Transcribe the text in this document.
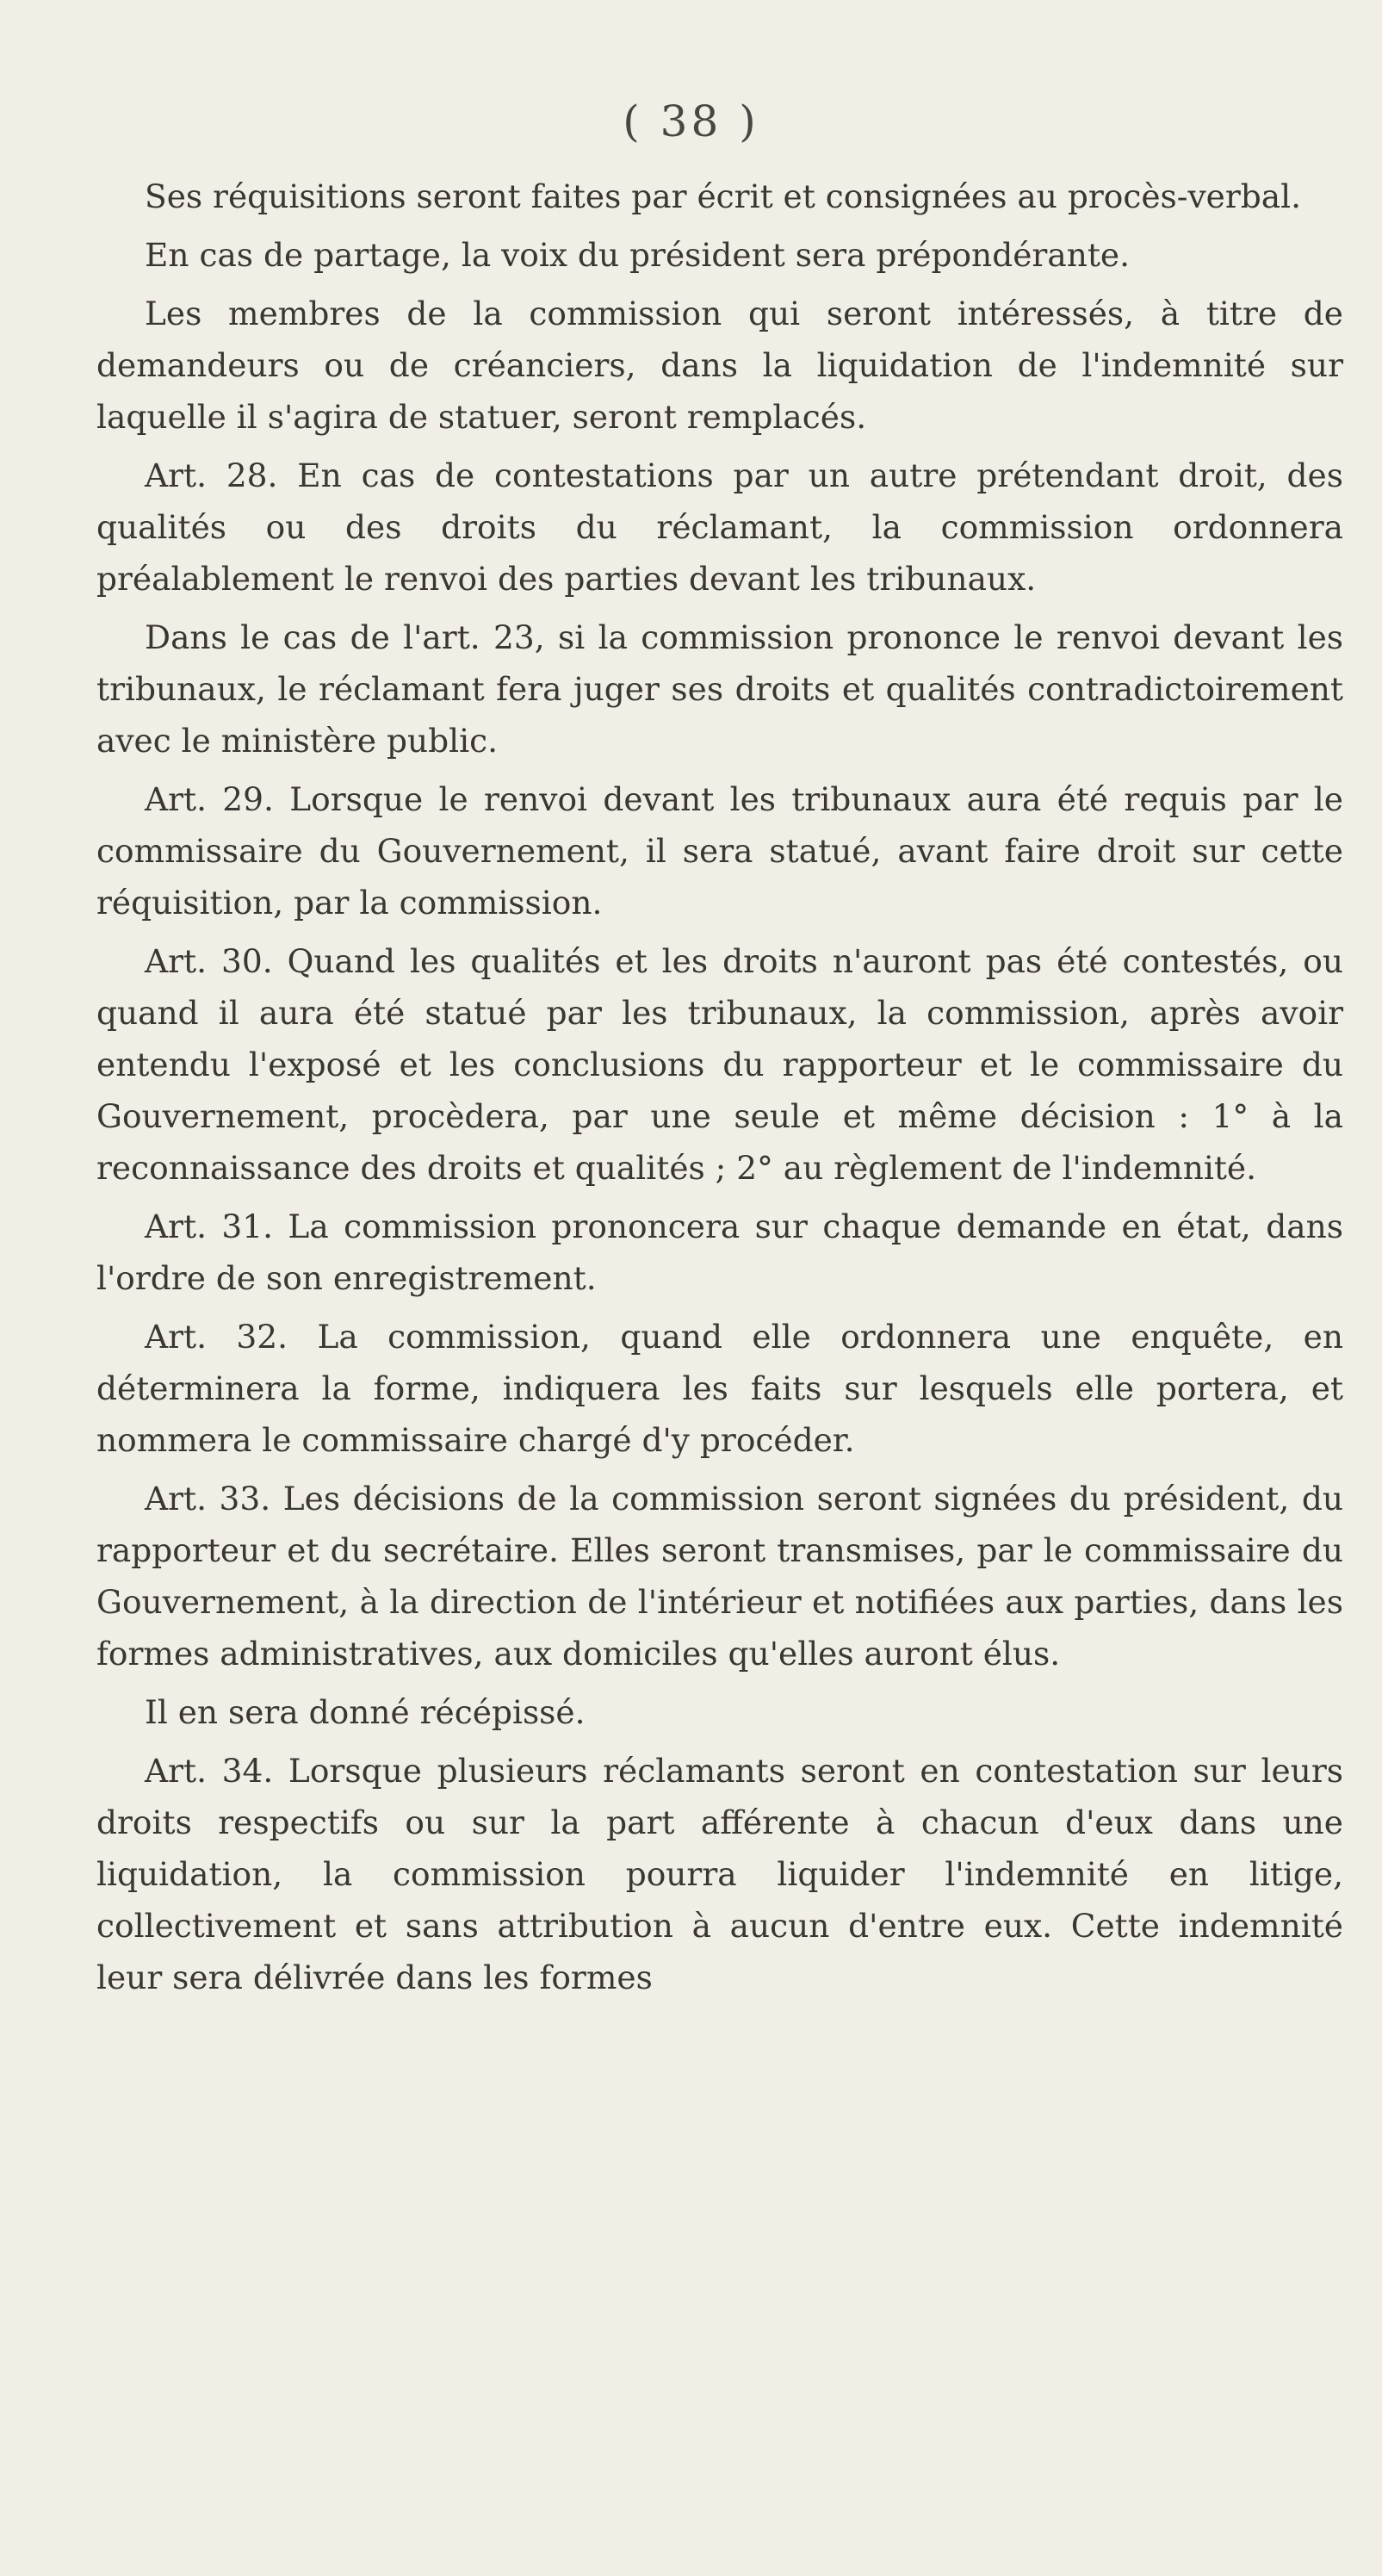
( 38 )

Ses réquisitions seront faites par écrit et consignées au procès-verbal.

En cas de partage, la voix du président sera prépondérante.

Les membres de la commission qui seront intéressés, à titre de demandeurs ou de créanciers, dans la liquidation de l'indemnité sur laquelle il s'agira de statuer, seront remplacés.

Art. 28. En cas de contestations par un autre prétendant droit, des qualités ou des droits du réclamant, la commission ordonnera préalablement le renvoi des parties devant les tribunaux.

Dans le cas de l'art. 23, si la commission prononce le renvoi devant les tribunaux, le réclamant fera juger ses droits et qualités contradictoirement avec le ministère public.

Art. 29. Lorsque le renvoi devant les tribunaux aura été requis par le commissaire du Gouvernement, il sera statué, avant faire droit sur cette réquisition, par la commission.

Art. 30. Quand les qualités et les droits n'auront pas été contestés, ou quand il aura été statué par les tribunaux, la commission, après avoir entendu l'exposé et les conclusions du rapporteur et le commissaire du Gouvernement, procèdera, par une seule et même décision : 1° à la reconnaissance des droits et qualités ; 2° au règlement de l'indemnité.

Art. 31. La commission prononcera sur chaque demande en état, dans l'ordre de son enregistrement.

Art. 32. La commission, quand elle ordonnera une enquête, en déterminera la forme, indiquera les faits sur lesquels elle portera, et nommera le commissaire chargé d'y procéder.

Art. 33. Les décisions de la commission seront signées du président, du rapporteur et du secrétaire. Elles seront transmises, par le commissaire du Gouvernement, à la direction de l'intérieur et notifiées aux parties, dans les formes administratives, aux domiciles qu'elles auront élus.

Il en sera donné récépissé.

Art. 34. Lorsque plusieurs réclamants seront en contestation sur leurs droits respectifs ou sur la part afférente à chacun d'eux dans une liquidation, la commission pourra liquider l'indemnité en litige, collectivement et sans attribution à aucun d'entre eux. Cette indemnité leur sera délivrée dans les formes
